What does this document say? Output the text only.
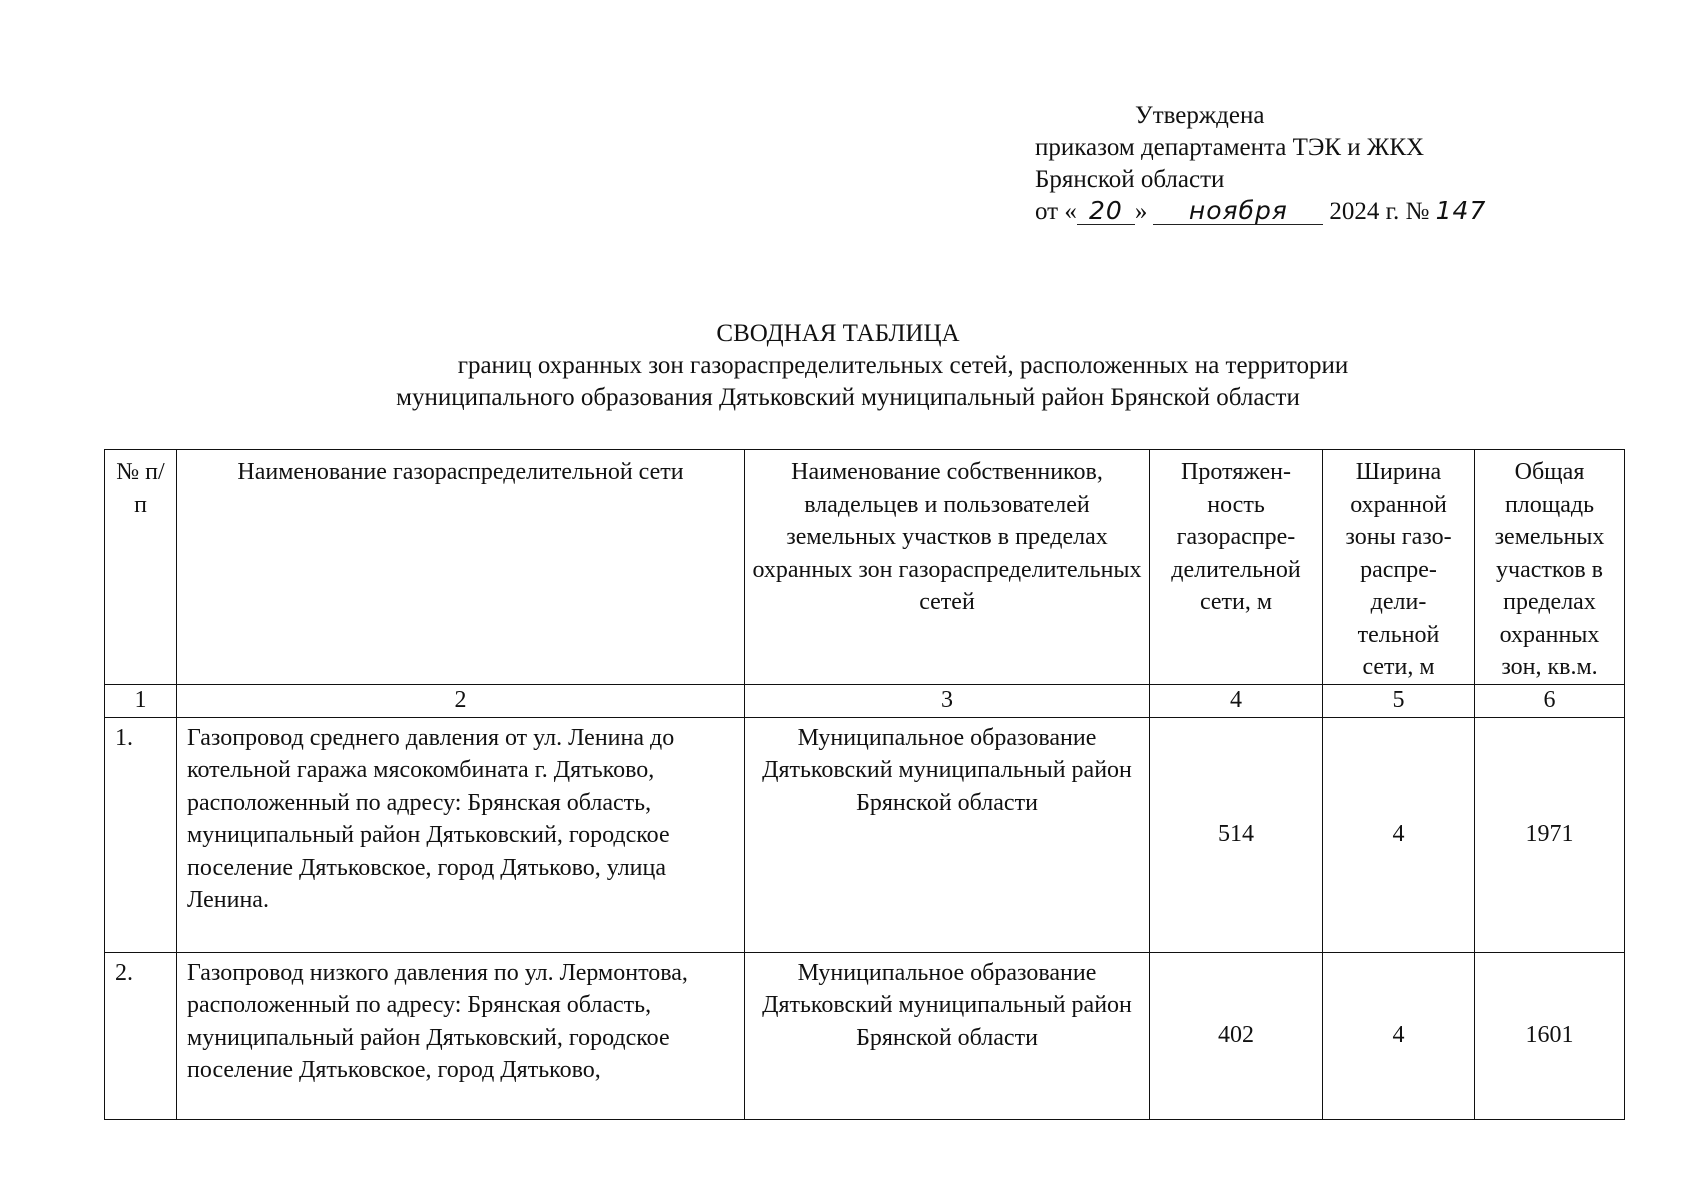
Утверждена
приказом департамента ТЭК и ЖКХ
Брянской области
от « 20 » ноября 2024 г. № 147
СВОДНАЯ ТАБЛИЦА
границ охранных зон газораспределительных сетей, расположенных на территории
муниципального образования Дятьковский муниципальный район Брянской области
№ п/п	Наименование газораспределительной сети	Наименование собственников, владельцев и пользователей земельных участков в пределах охранных зон газораспределительных сетей	Протяжен-ность газораспре-делительной сети, м	Ширина охранной зоны газо-распре-дели-тельной сети, м	Общая площадь земельных участков в пределах охранных зон, кв.м.

1	2	3	4	5	6
1.	Газопровод среднего давления от ул. Ленина до котельной гаража мясокомбината г. Дятьково, расположенный по адресу: Брянская область, муниципальный район Дятьковский, городское поселение Дятьковское, город Дятьково, улица Ленина.	Муниципальное образование Дятьковский муниципальный район Брянской области	514	4	1971
2.	Газопровод низкого давления по ул. Лермонтова, расположенный по адресу: Брянская область, муниципальный район Дятьковский, городское поселение Дятьковское, город Дятьково,	Муниципальное образование Дятьковский муниципальный район Брянской области	402	4	1601
